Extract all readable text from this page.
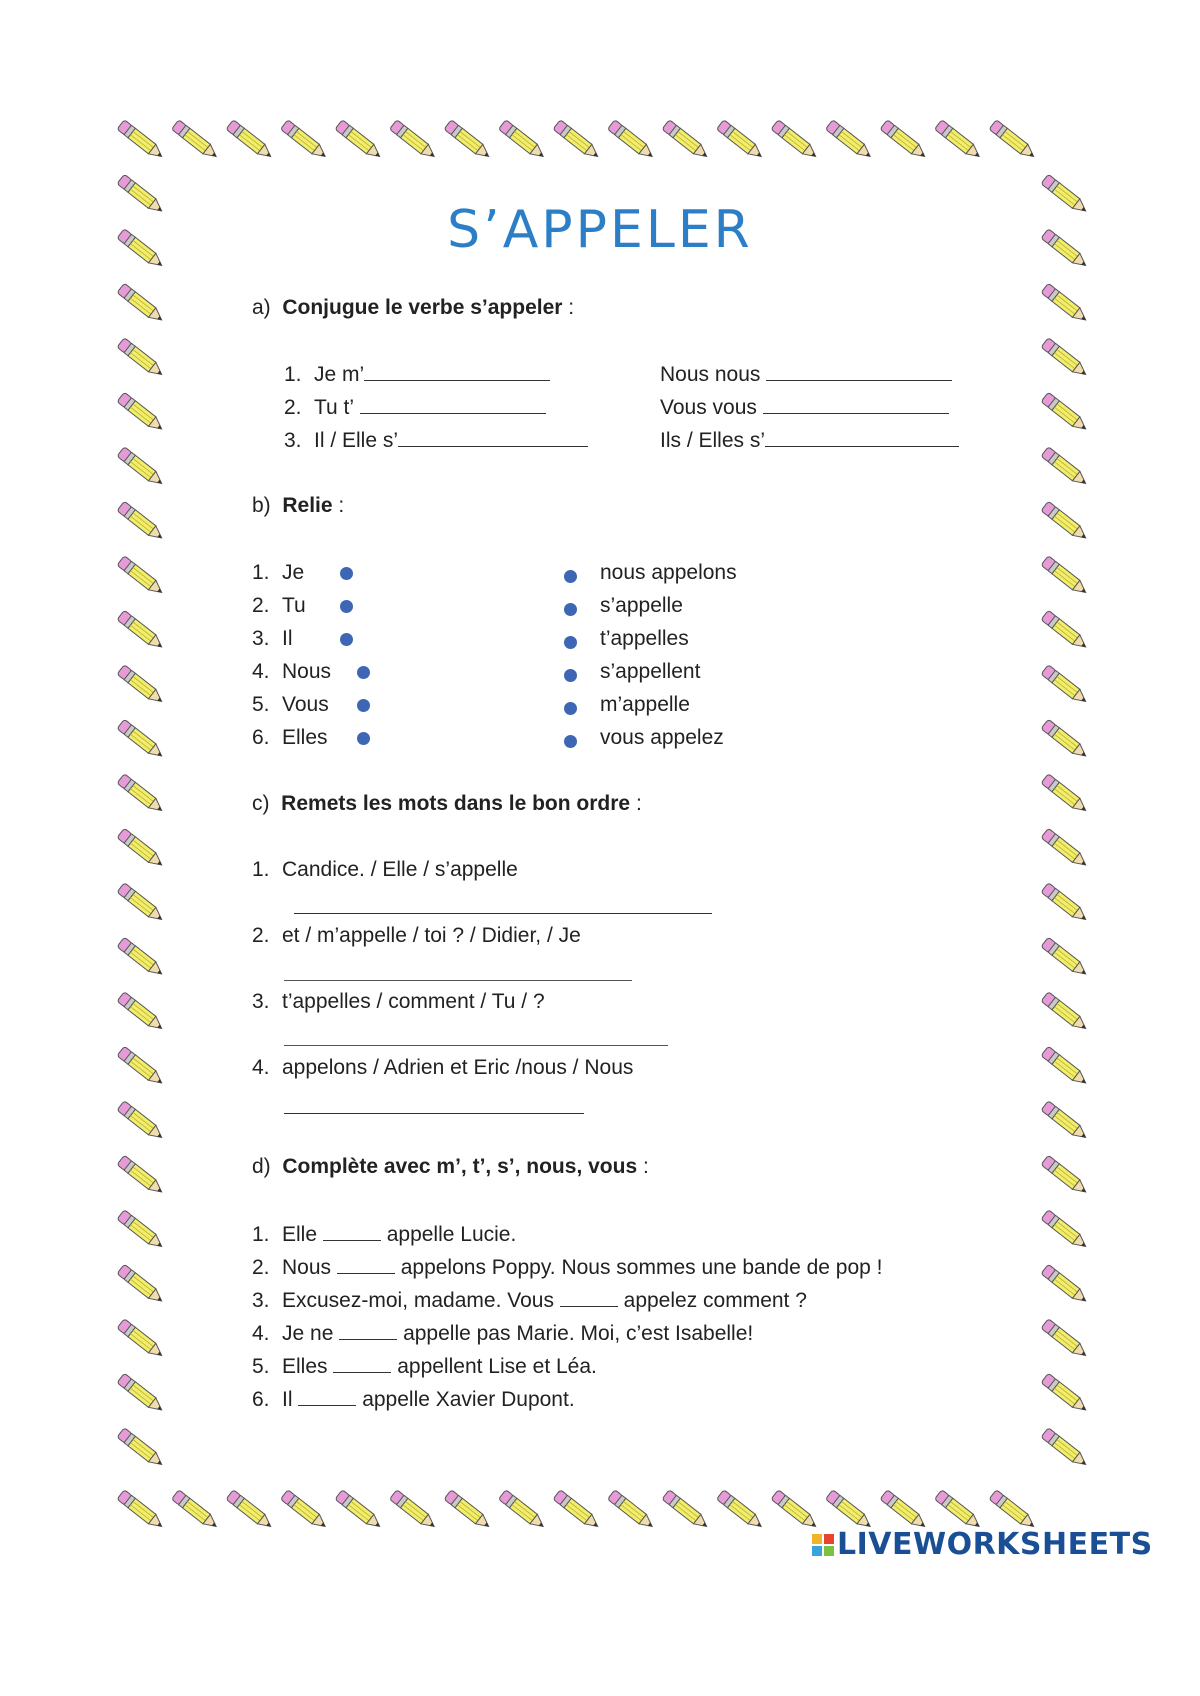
S’APPELER
a) Conjugue le verbe s’appeler :
1. Je m’
2. Tu t’
3. Il / Elle s’
Nous nous
Vous vous
Ils / Elles s’
b) Relie :
1. Je
2. Tu
3. Il
4. Nous
5. Vous
6. Elles
nous appelons
s’appelle
t’appelles
s’appellent
m’appelle
vous appelez
c) Remets les mots dans le bon ordre :
1. Candice. / Elle / s’appelle
2. et / m’appelle / toi ? / Didier, / Je
3. t’appelles / comment / Tu / ?
4. appelons / Adrien et Eric /nous / Nous
d) Complète avec m’, t’, s’, nous, vous :
1. Elle	appelle Lucie.
2. Nous	appelons Poppy. Nous sommes une bande de pop !
3. Excusez-moi, madame. Vous	appelez comment ?
4. Je ne	appelle pas Marie. Moi, c’est Isabelle!
5. Elles	appellent Lise et Léa.
6. Il	appelle Xavier Dupont.
LIVEWORKSHEETS
